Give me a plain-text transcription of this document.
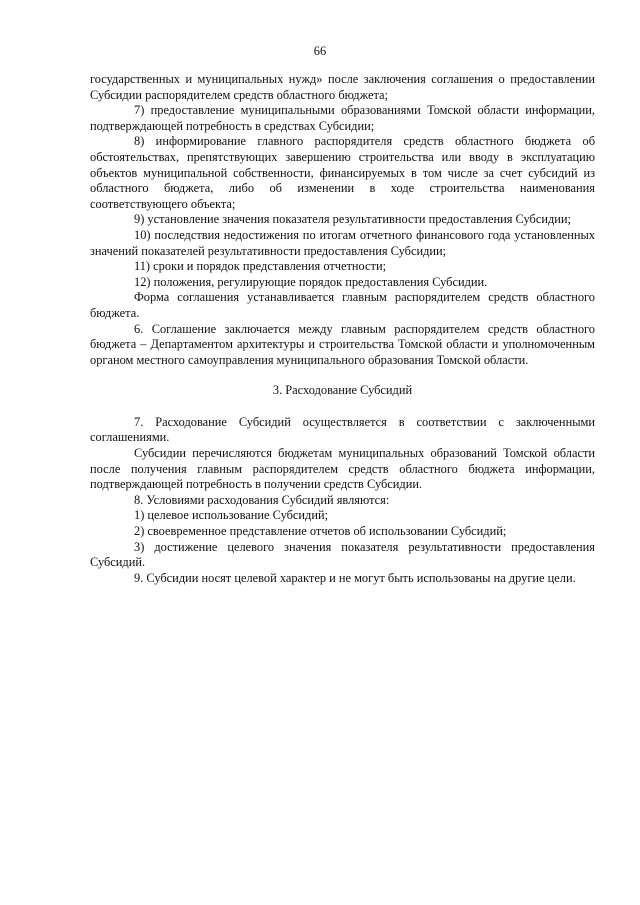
66

государственных и муниципальных нужд» после заключения соглашения о предоставлении Субсидии распорядителем средств областного бюджета;

7) предоставление муниципальными образованиями Томской области информации, подтверждающей потребность в средствах Субсидии;

8) информирование главного распорядителя средств областного бюджета об обстоятельствах, препятствующих завершению строительства или вводу в эксплуатацию объектов муниципальной собственности, финансируемых в том числе за счет субсидий из областного бюджета, либо об изменении в ходе строительства наименования соответствующего объекта;

9) установление значения показателя результативности предоставления Субсидии;

10) последствия недостижения по итогам отчетного финансового года установленных значений показателей результативности предоставления Субсидии;

11) сроки и порядок представления отчетности;

12) положения, регулирующие порядок предоставления Субсидии.

Форма соглашения устанавливается главным распорядителем средств областного бюджета.

6. Соглашение заключается между главным распорядителем средств областного бюджета – Департаментом архитектуры и строительства Томской области и уполномоченным органом местного самоуправления муниципального образования Томской области.

3. Расходование Субсидий

7. Расходование Субсидий осуществляется в соответствии с заключенными соглашениями.

Субсидии перечисляются бюджетам муниципальных образований Томской области после получения главным распорядителем средств областного бюджета информации, подтверждающей потребность в получении средств Субсидии.

8. Условиями расходования Субсидий являются:

1) целевое использование Субсидий;

2) своевременное представление отчетов об использовании Субсидий;

3) достижение целевого значения показателя результативности предоставления Субсидий.

9. Субсидии носят целевой характер и не могут быть использованы на другие цели.
